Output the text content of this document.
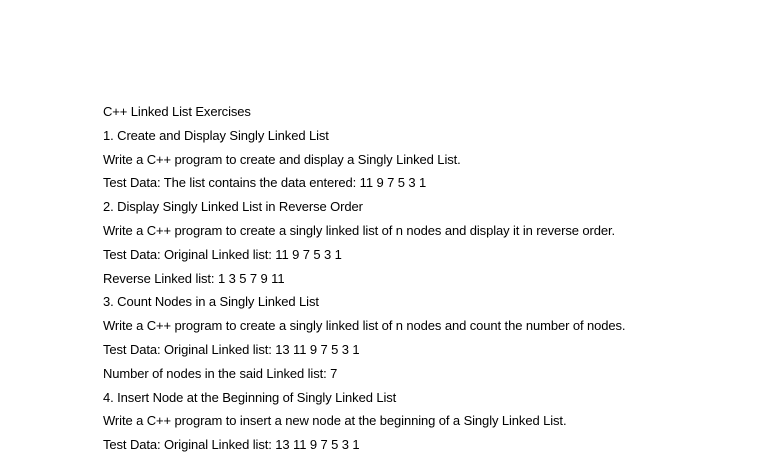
C++ Linked List Exercises
1. Create and Display Singly Linked List
Write a C++ program to create and display a Singly Linked List.
Test Data: The list contains the data entered: 11 9 7 5 3 1
2. Display Singly Linked List in Reverse Order
Write a C++ program to create a singly linked list of n nodes and display it in reverse order.
Test Data: Original Linked list: 11 9 7 5 3 1
Reverse Linked list: 1 3 5 7 9 11
3. Count Nodes in a Singly Linked List
Write a C++ program to create a singly linked list of n nodes and count the number of nodes.
Test Data: Original Linked list: 13 11 9 7 5 3 1
Number of nodes in the said Linked list: 7
4. Insert Node at the Beginning of Singly Linked List
Write a C++ program to insert a new node at the beginning of a Singly Linked List.
Test Data: Original Linked list: 13 11 9 7 5 3 1
